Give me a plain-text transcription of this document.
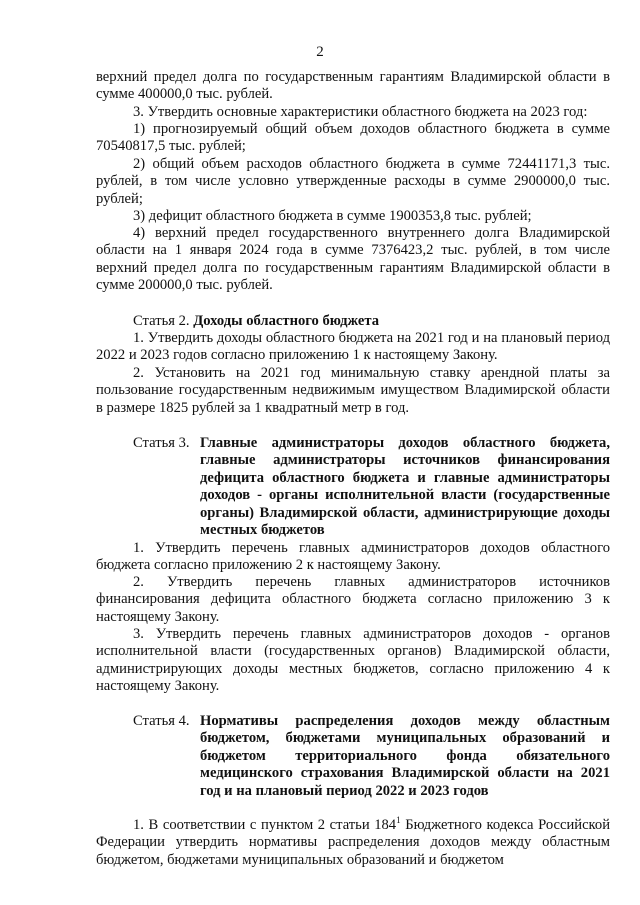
2
верхний предел долга по государственным гарантиям Владимирской области в сумме 400000,0 тыс. рублей.
3. Утвердить основные характеристики областного бюджета на 2023 год:
1) прогнозируемый общий объем доходов областного бюджета в сумме 70540817,5 тыс. рублей;
2) общий объем расходов областного бюджета в сумме 72441171,3 тыс. рублей, в том числе условно утвержденные расходы в сумме 2900000,0 тыс. рублей;
3) дефицит областного бюджета в сумме 1900353,8 тыс. рублей;
4) верхний предел государственного внутреннего долга Владимирской области на 1 января 2024 года в сумме 7376423,2 тыс. рублей, в том числе верхний предел долга по государственным гарантиям Владимирской области в сумме 200000,0 тыс. рублей.
Статья 2. Доходы областного бюджета
1. Утвердить доходы областного бюджета на 2021 год и на плановый период 2022 и 2023 годов согласно приложению 1 к настоящему Закону.
2. Установить на 2021 год минимальную ставку арендной платы за пользование государственным недвижимым имуществом Владимирской области в размере 1825 рублей за 1 квадратный метр в год.
Статья 3. Главные администраторы доходов областного бюджета, главные администраторы источников финансирования дефицита областного бюджета и главные администраторы доходов - органы исполнительной власти (государственные органы) Владимирской области, администрирующие доходы местных бюджетов
1. Утвердить перечень главных администраторов доходов областного бюджета согласно приложению 2 к настоящему Закону.
2. Утвердить перечень главных администраторов источников финансирования дефицита областного бюджета согласно приложению 3 к настоящему Закону.
3. Утвердить перечень главных администраторов доходов - органов исполнительной власти (государственных органов) Владимирской области, администрирующих доходы местных бюджетов, согласно приложению 4 к настоящему Закону.
Статья 4. Нормативы распределения доходов между областным бюджетом, бюджетами муниципальных образований и бюджетом территориального фонда обязательного медицинского страхования Владимирской области на 2021 год и на плановый период 2022 и 2023 годов
1. В соответствии с пунктом 2 статьи $184^1$ Бюджетного кодекса Российской Федерации утвердить нормативы распределения доходов между областным бюджетом, бюджетами муниципальных образований и бюджетом
